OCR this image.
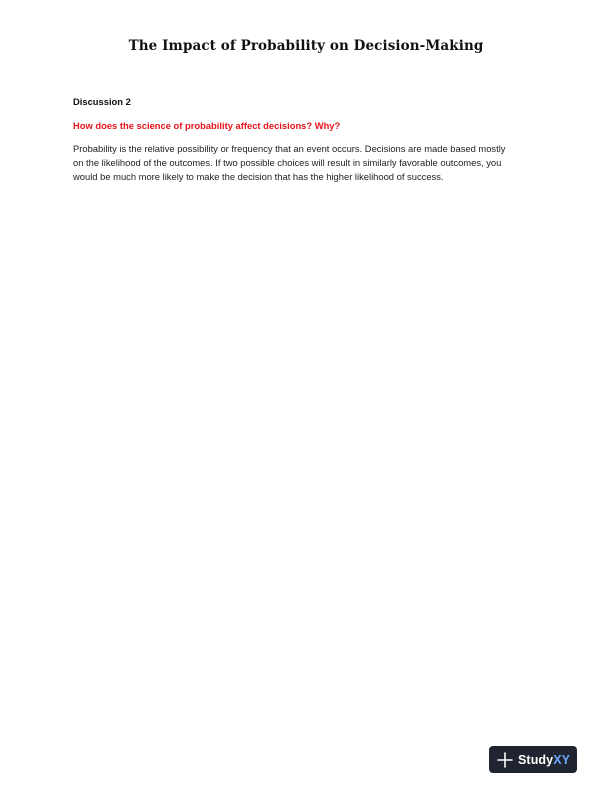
The Impact of Probability on Decision-Making
Discussion 2
How does the science of probability affect decisions? Why?
Probability is the relative possibility or frequency that an event occurs. Decisions are made based mostly
on the likelihood of the outcomes. If two possible choices will result in similarly favorable outcomes, you
would be much more likely to make the decision that has the higher likelihood of success.
StudyXY
